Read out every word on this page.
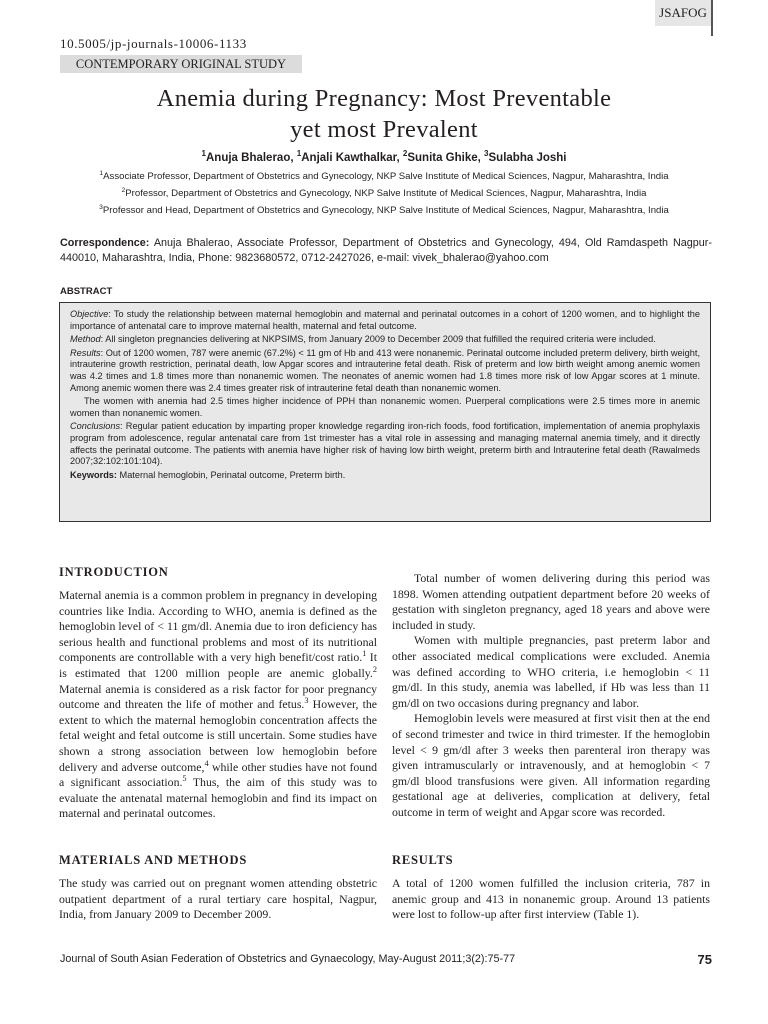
JSAFOG
10.5005/jp-journals-10006-1133
CONTEMPORARY ORIGINAL STUDY
Anemia during Pregnancy: Most Preventable
yet most Prevalent
$^1$Anuja Bhalerao, $^1$Anjali Kawthalkar, $^2$Sunita Ghike, $^3$Sulabha Joshi
$^1$Associate Professor, Department of Obstetrics and Gynecology, NKP Salve Institute of Medical Sciences, Nagpur, Maharashtra, India
$^2$Professor, Department of Obstetrics and Gynecology, NKP Salve Institute of Medical Sciences, Nagpur, Maharashtra, India
$^3$Professor and Head, Department of Obstetrics and Gynecology, NKP Salve Institute of Medical Sciences, Nagpur, Maharashtra, India
Correspondence: Anuja Bhalerao, Associate Professor, Department of Obstetrics and Gynecology, 494, Old Ramdaspeth Nagpur-440010, Maharashtra, India, Phone: 9823680572, 0712-2427026, e-mail: vivek_bhalerao@yahoo.com
ABSTRACT

Objective: To study the relationship between maternal hemoglobin and maternal and perinatal outcomes in a cohort of 1200 women, and to highlight the importance of antenatal care to improve maternal health, maternal and fetal outcome.

Method: All singleton pregnancies delivering at NKPSIMS, from January 2009 to December 2009 that fulfilled the required criteria were included.

Results: Out of 1200 women, 787 were anemic (67.2%) < 11 gm of Hb and 413 were nonanemic. Perinatal outcome included preterm delivery, birth weight, intrauterine growth restriction, perinatal death, low Apgar scores and intrauterine fetal death. Risk of preterm and low birth weight among anemic women was 4.2 times and 1.8 times more than nonanemic women. The neonates of anemic women had 1.8 times more risk of low Apgar scores at 1 minute. Among anemic women there was 2.4 times greater risk of intrauterine fetal death than nonanemic women.

The women with anemia had 2.5 times higher incidence of PPH than nonanemic women. Puerperal complications were 2.5 times more in anemic women than nonanemic women.

Conclusions: Regular patient education by imparting proper knowledge regarding iron-rich foods, food fortification, implementation of anemia prophylaxis program from adolescence, regular antenatal care from 1st trimester has a vital role in assessing and managing maternal anemia timely, and it directly affects the perinatal outcome. The patients with anemia have higher risk of having low birth weight, preterm birth and Intrauterine fetal death (Rawalmeds 2007;32:102:101:104).

Keywords: Maternal hemoglobin, Perinatal outcome, Preterm birth.

INTRODUCTION

Maternal anemia is a common problem in pregnancy in developing countries like India. According to WHO, anemia is defined as the hemoglobin level of < 11 gm/dl. Anemia due to iron deficiency has serious health and functional problems and most of its nutritional components are controllable with a very high benefit/cost ratio.$^1$ It is estimated that 1200 million people are anemic globally.$^2$ Maternal anemia is considered as a risk factor for poor pregnancy outcome and threaten the life of mother and fetus.$^3$ However, the extent to which the maternal hemoglobin concentration affects the fetal weight and fetal outcome is still uncertain. Some studies have shown a strong association between low hemoglobin before delivery and adverse outcome,$^4$ while other studies have not found a significant association.$^5$ Thus, the aim of this study was to evaluate the antenatal maternal hemoglobin and find its impact on maternal and perinatal outcomes.

MATERIALS AND METHODS

The study was carried out on pregnant women attending obstetric outpatient department of a rural tertiary care hospital, Nagpur, India, from January 2009 to December 2009.

Total number of women delivering during this period was 1898. Women attending outpatient department before 20 weeks of gestation with singleton pregnancy, aged 18 years and above were included in study.

Women with multiple pregnancies, past preterm labor and other associated medical complications were excluded. Anemia was defined according to WHO criteria, i.e hemoglobin < 11 gm/dl. In this study, anemia was labelled, if Hb was less than 11 gm/dl on two occasions during pregnancy and labor.

Hemoglobin levels were measured at first visit then at the end of second trimester and twice in third trimester. If the hemoglobin level < 9 gm/dl after 3 weeks then parenteral iron therapy was given intramuscularly or intravenously, and at hemoglobin < 7 gm/dl blood transfusions were given. All information regarding gestational age at deliveries, complication at delivery, fetal outcome in term of weight and Apgar score was recorded.

RESULTS

A total of 1200 women fulfilled the inclusion criteria, 787 in anemic group and 413 in nonanemic group. Around 13 patients were lost to follow-up after first interview (Table 1).

Journal of South Asian Federation of Obstetrics and Gynaecology, May-August 2011;3(2):75-77	75
